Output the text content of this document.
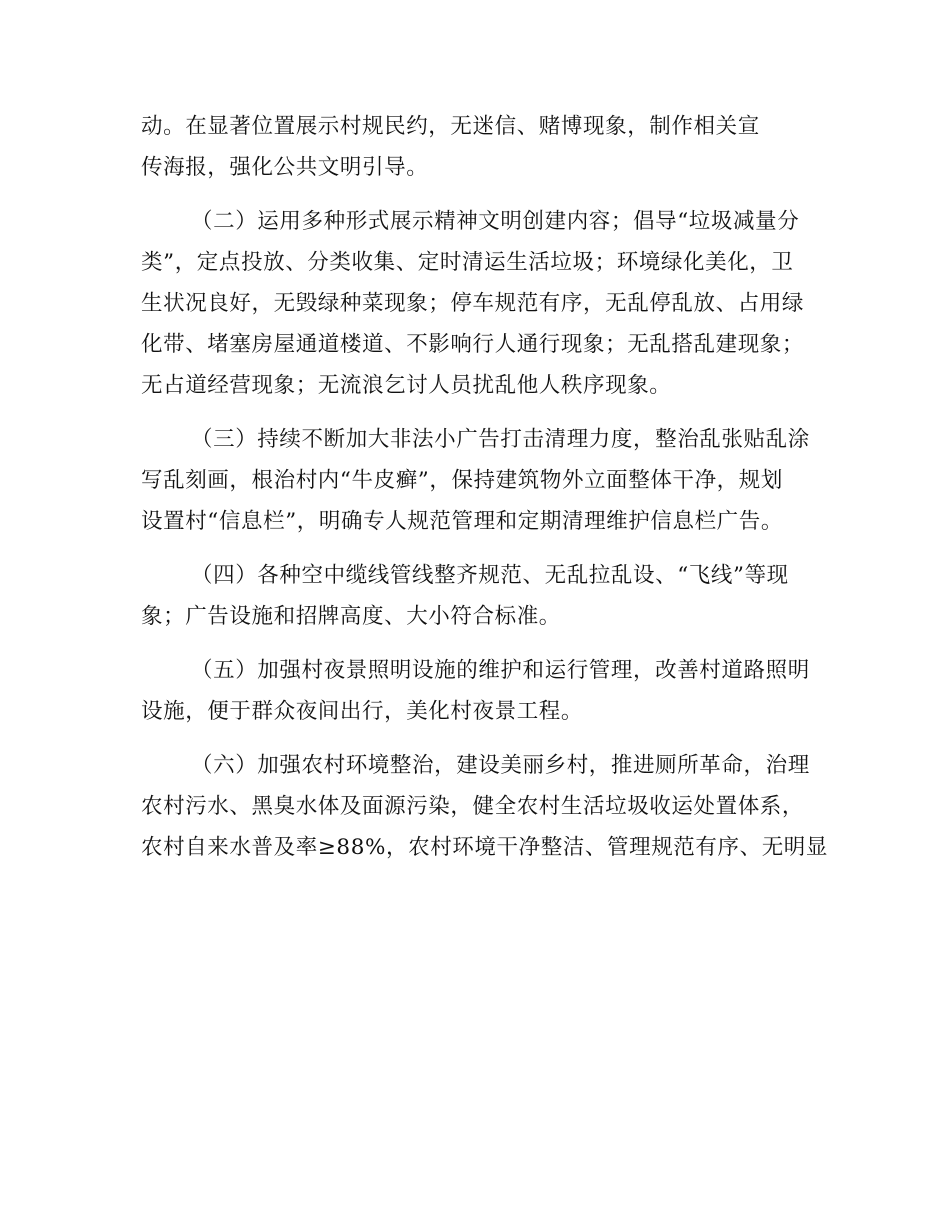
动。在显著位置展示村规民约，无迷信、赌博现象，制作相关宣
传海报，强化公共文明引导。
（二）运用多种形式展示精神文明创建内容；倡导“垃圾减量分
类”，定点投放、分类收集、定时清运生活垃圾；环境绿化美化，卫
生状况良好，无毁绿种菜现象；停车规范有序，无乱停乱放、占用绿
化带、堵塞房屋通道楼道、不影响行人通行现象；无乱搭乱建现象；
无占道经营现象；无流浪乞讨人员扰乱他人秩序现象。
（三）持续不断加大非法小广告打击清理力度，整治乱张贴乱涂
写乱刻画，根治村内“牛皮癣”，保持建筑物外立面整体干净，规划
设置村“信息栏”，明确专人规范管理和定期清理维护信息栏广告。
（四）各种空中缆线管线整齐规范、无乱拉乱设、“飞线”等现
象；广告设施和招牌高度、大小符合标准。
（五）加强村夜景照明设施的维护和运行管理，改善村道路照明
设施，便于群众夜间出行，美化村夜景工程。
（六）加强农村环境整治，建设美丽乡村，推进厕所革命，治理
农村污水、黑臭水体及面源污染，健全农村生活垃圾收运处置体系，
农村自来水普及率≥88%，农村环境干净整洁、管理规范有序、无明显
